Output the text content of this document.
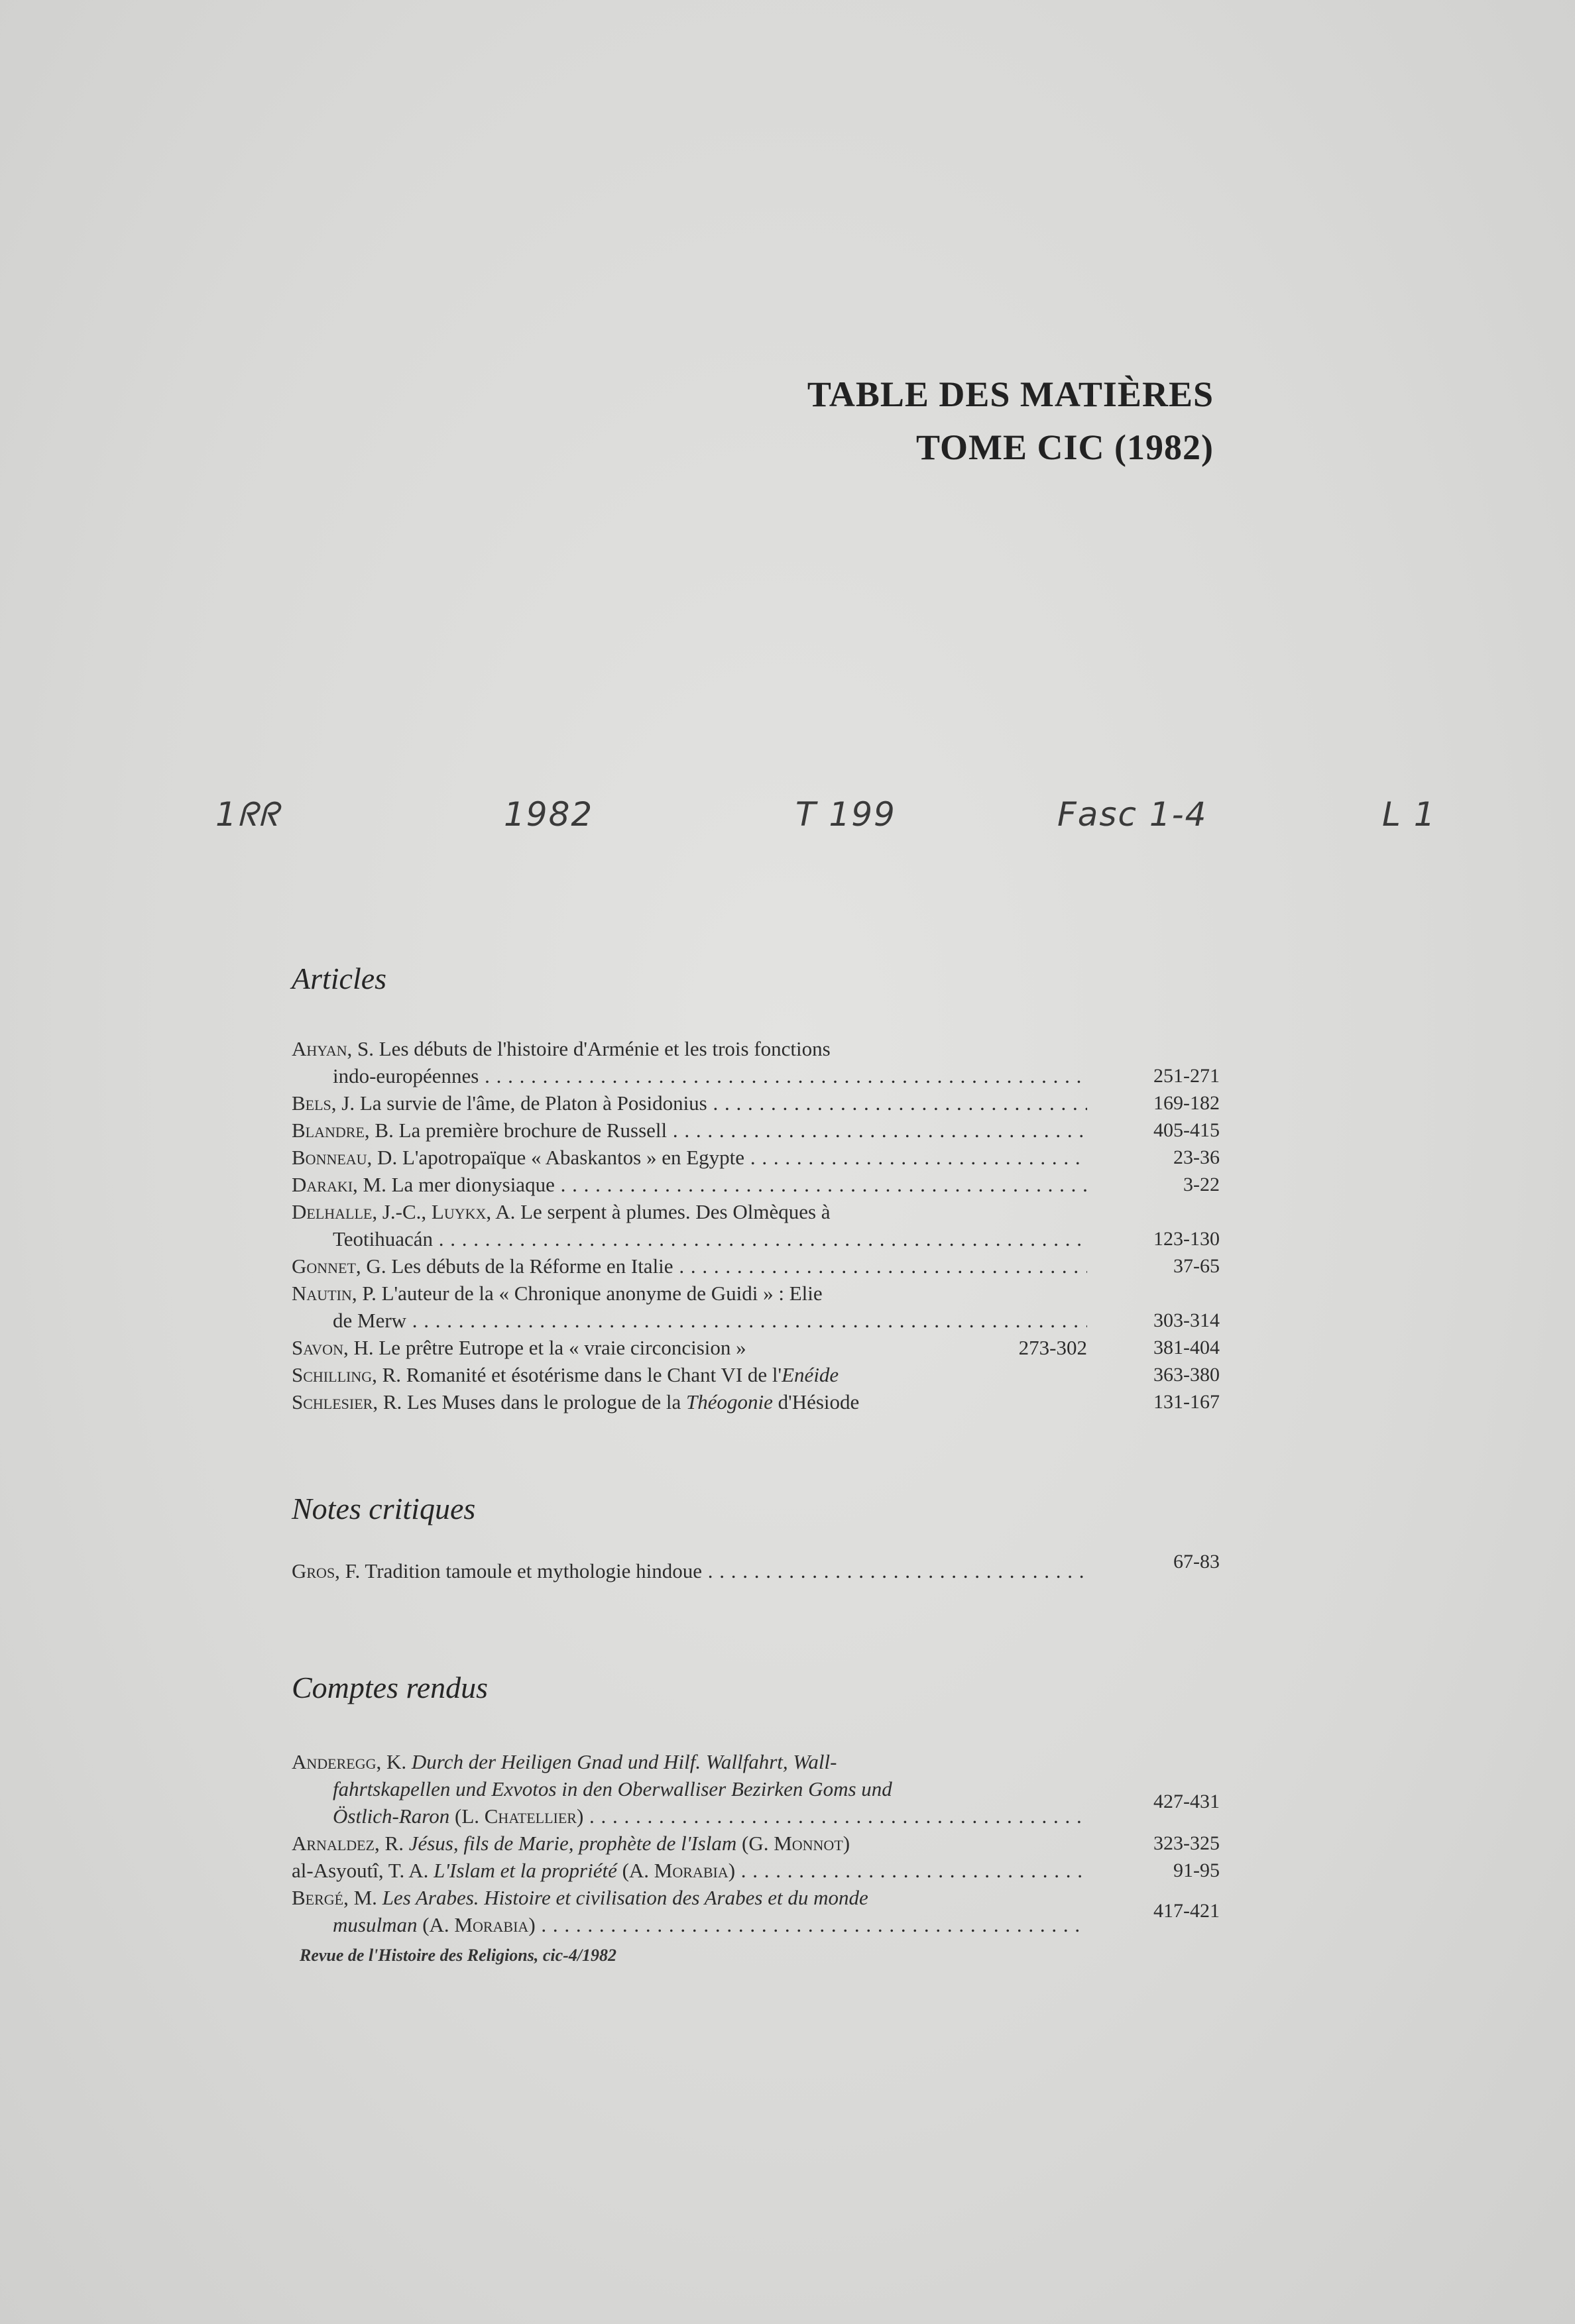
TABLE DES MATIÈRES
TOME CIC (1982)
1ᖇᖇ	1982	T 199	Fasc 1-4	L 1
Articles
Ahyan, S. Les débuts de l'histoire d'Arménie et les trois fonctions
indo-européennes . . .	251-271
Bels, J. La survie de l'âme, de Platon à Posidonius . . .	169-182
Blandre, B. La première brochure de Russell . . .	405-415
Bonneau, D. L'apotropaïque « Abaskantos » en Egypte . . .	23-36
Daraki, M. La mer dionysiaque . . .	3-22
Delhalle, J.-C., Luykx, A. Le serpent à plumes. Des Olmèques à
Teotihuacán . . .	123-130
Gonnet, G. Les débuts de la Réforme en Italie . . .	37-65
Nautin, P. L'auteur de la « Chronique anonyme de Guidi » : Elie
de Merw . . .	303-314
Savon, H. Le prêtre Eutrope et la « vraie circoncision »	273-302	381-404
Schilling, R. Romanité et ésotérisme dans le Chant VI de l'Enéide	363-380
Schlesier, R. Les Muses dans le prologue de la Théogonie d'Hésiode	131-167
Notes critiques
Gros, F. Tradition tamoule et mythologie hindoue . . .	67-83
Comptes rendus
Anderegg, K. Durch der Heiligen Gnad und Hilf. Wallfahrt, Wall-
fahrtskapellen und Exvotos in den Oberwalliser Bezirken Goms und
Östlich-Raron (L. Chatellier) . . .
427-431
Arnaldez, R. Jésus, fils de Marie, prophète de l'Islam (G. Monnot)	323-325
al-Asyoutî, T. A. L'Islam et la propriété (A. Morabia) . . .	91-95
Bergé, M. Les Arabes. Histoire et civilisation des Arabes et du monde
musulman (A. Morabia) . . .
417-421
Revue de l'Histoire des Religions, cic-4/1982
